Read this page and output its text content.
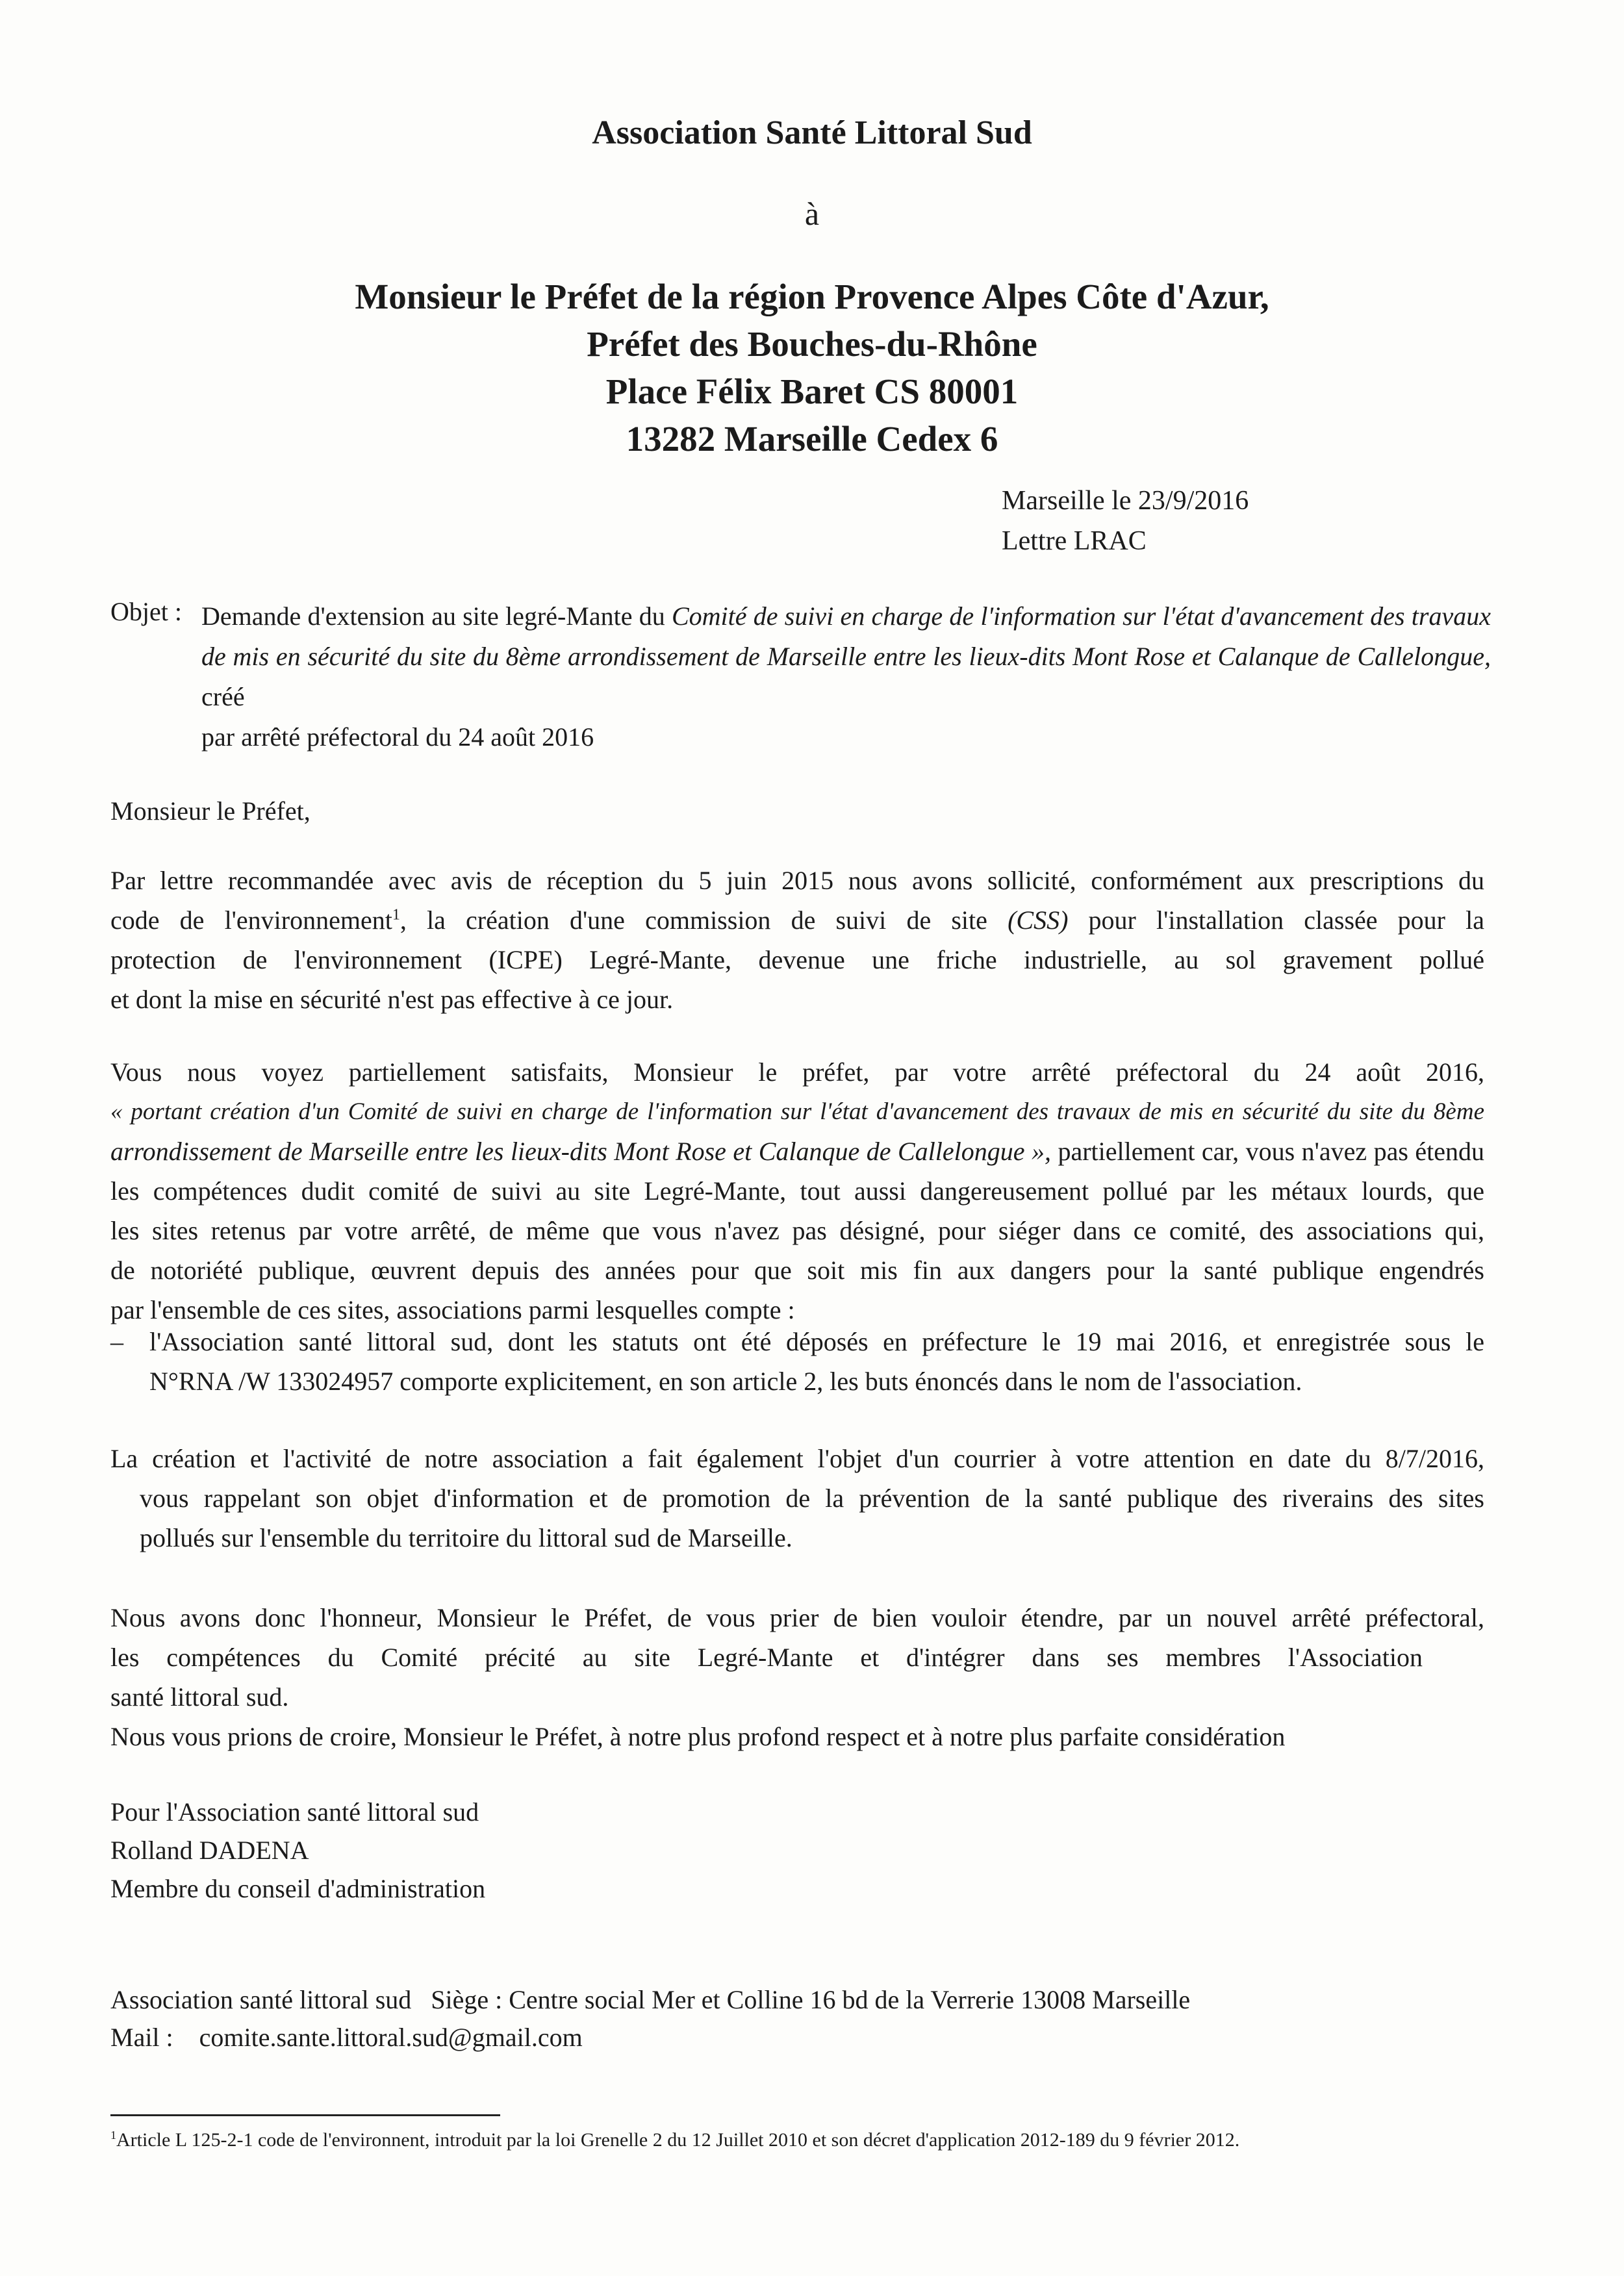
Association Santé Littoral Sud
à
Monsieur le Préfet de la région Provence Alpes Côte d'Azur,
Préfet des Bouches-du-Rhône
Place Félix Baret CS 80001
13282 Marseille Cedex 6
Marseille le 23/9/2016
Lettre LRAC
Objet : Demande d'extension au site legré-Mante du Comité de suivi en charge de l'information sur l'état d'avancement des travaux
de mis en sécurité du site du 8ème arrondissement de Marseille entre les lieux-dits Mont Rose et Calanque de Callelongue, créé
par arrêté préfectoral du 24 août 2016
Monsieur le Préfet,
Par lettre recommandée avec avis de réception du 5 juin 2015 nous avons sollicité, conformément aux prescriptions du
code de l'environnement$^1$, la création d'une commission de suivi de site (CSS) pour l'installation classée pour la
protection de l'environnement (ICPE) Legré-Mante, devenue une friche industrielle, au sol gravement pollué
et dont la mise en sécurité n'est pas effective à ce jour.
Vous nous voyez partiellement satisfaits, Monsieur le préfet, par votre arrêté préfectoral du 24 août 2016,
« portant création d'un Comité de suivi en charge de l'information sur l'état d'avancement des travaux de mis en sécurité du site du 8ème
arrondissement de Marseille entre les lieux-dits Mont Rose et Calanque de Callelongue », partiellement car, vous n'avez pas étendu
les compétences dudit comité de suivi au site Legré-Mante, tout aussi dangereusement pollué par les métaux lourds, que
les sites retenus par votre arrêté, de même que vous n'avez pas désigné, pour siéger dans ce comité, des associations qui,
de notoriété publique, œuvrent depuis des années pour que soit mis fin aux dangers pour la santé publique engendrés
par l'ensemble de ces sites, associations parmi lesquelles compte :
– l'Association santé littoral sud, dont les statuts ont été déposés en préfecture le 19 mai 2016, et enregistrée sous le
N°RNA /W 133024957 comporte explicitement, en son article 2, les buts énoncés dans le nom de l'association.
La création et l'activité de notre association a fait également l'objet d'un courrier à votre attention en date du 8/7/2016,
vous rappelant son objet d'information et de promotion de la prévention de la santé publique des riverains des sites
pollués sur l'ensemble du territoire du littoral sud de Marseille.
Nous avons donc l'honneur, Monsieur le Préfet, de vous prier de bien vouloir étendre, par un nouvel arrêté préfectoral,
les compétences du Comité précité au site Legré-Mante et d'intégrer dans ses membres l'Association
santé littoral sud.
Nous vous prions de croire, Monsieur le Préfet, à notre plus profond respect et à notre plus parfaite considération
Pour l'Association santé littoral sud
Rolland DADENA
Membre du conseil d'administration
Association santé littoral sud   Siège : Centre social Mer et Colline 16 bd de la Verrerie 13008 Marseille
Mail :    comite.sante.littoral.sud@gmail.com
$^1$Article L 125-2-1 code de l'environnent, introduit par la loi Grenelle 2 du 12 Juillet 2010 et son décret d'application 2012-189 du 9 février 2012.
